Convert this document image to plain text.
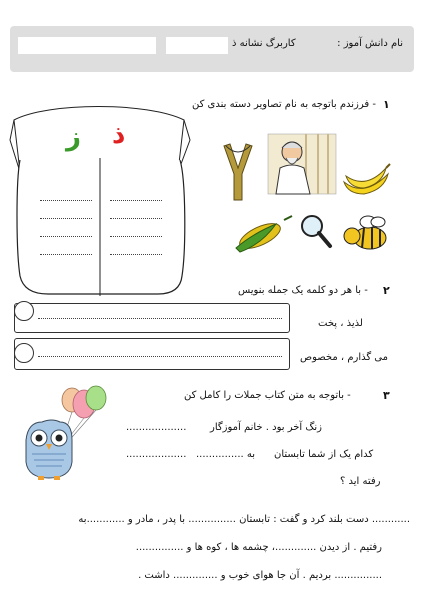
کاربرگ نشانه ذ	نام دانش آموز :
۱
- فرزندم باتوجه به نام تصاویر دسته بندی کن
ذ
ز
۲
- با هر دو کلمه یک جمله بنویس
لذیذ ، پخت
می گذارم ، مخصوص
۳
- باتوجه به متن کتاب جملات را کامل کن
زنگ آخر بود . خانم آموزگار
...................
کدام یک از شما تابستان
............... به
...................
رفته اید ؟
............ دست بلند کرد و گفت : تابستان ............... با پدر ، مادر و ............به
رفتیم . از دیدن .............، چشمه ها ، کوه ها و ...............
............... بردیم . آن جا هوای خوب و .............. داشت .
